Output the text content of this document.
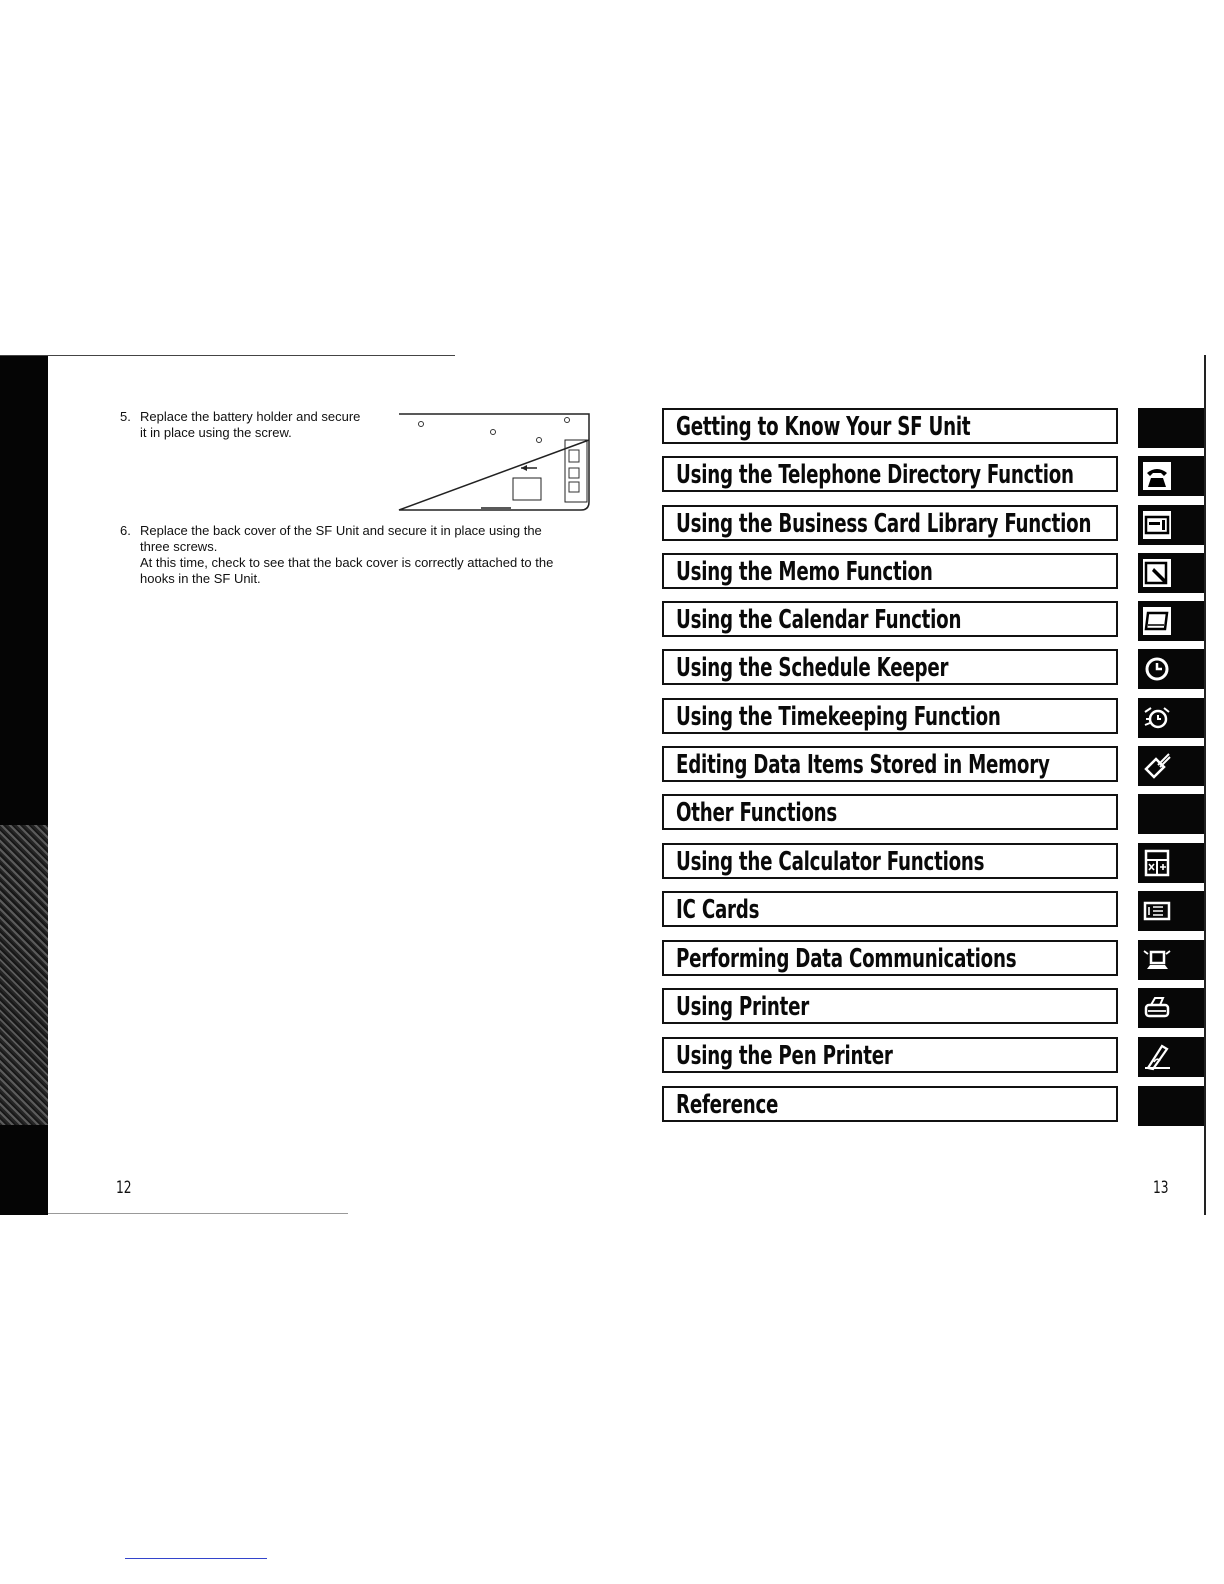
5. Replace the battery holder and secure
it in place using the screw.
6. Replace the back cover of the SF Unit and secure it in place using the
three screws.
At this time, check to see that the back cover is correctly attached to the
hooks in the SF Unit.
12	13
Getting to Know Your SF Unit
Using the Telephone Directory Function
Using the Business Card Library Function
Using the Memo Function
Using the Calendar Function
Using the Schedule Keeper
Using the Timekeeping Function
Editing Data Items Stored in Memory
Other Functions
Using the Calculator Functions
IC Cards
Performing Data Communications
Using Printer
Using the Pen Printer
Reference
